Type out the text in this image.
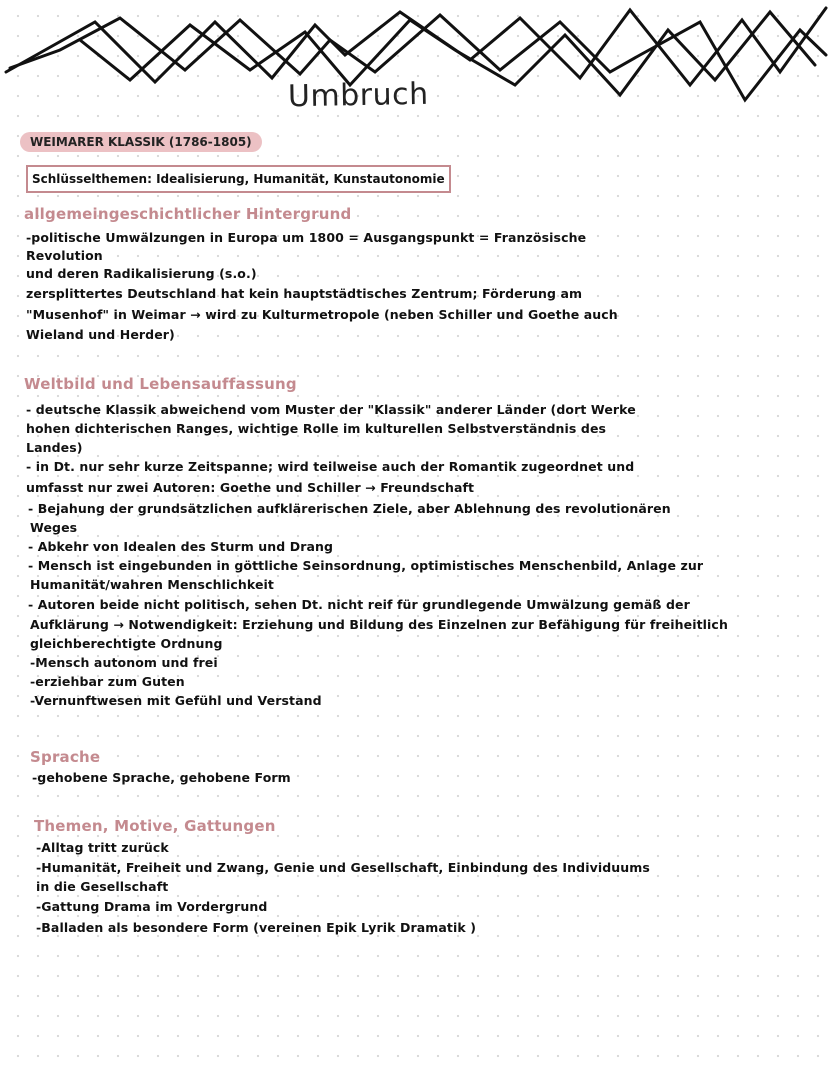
Umbruch
WEIMARER KLASSIK (1786-1805)
Schlüsselthemen: Idealisierung, Humanität, Kunstautonomie
allgemeingeschichtlicher Hintergrund
-politische Umwälzungen in Europa um 1800 = Ausgangspunkt = Französische
Revolution
und deren Radikalisierung (s.o.)
zersplittertes Deutschland hat kein hauptstädtisches Zentrum; Förderung am
"Musenhof" in Weimar → wird zu Kulturmetropole (neben Schiller und Goethe auch
Wieland und Herder)
Weltbild und Lebensauffassung
- deutsche Klassik abweichend vom Muster der "Klassik" anderer Länder (dort Werke
hohen dichterischen Ranges, wichtige Rolle im kulturellen Selbstverständnis des
Landes)
- in Dt. nur sehr kurze Zeitspanne; wird teilweise auch der Romantik zugeordnet und
umfasst nur zwei Autoren: Goethe und Schiller → Freundschaft
- Bejahung der grundsätzlichen aufklärerischen Ziele, aber Ablehnung des revolutionären
Weges
- Abkehr von Idealen des Sturm und Drang
- Mensch ist eingebunden in göttliche Seinsordnung, optimistisches Menschenbild, Anlage zur
Humanität/wahren Menschlichkeit
- Autoren beide nicht politisch, sehen Dt. nicht reif für grundlegende Umwälzung gemäß der
Aufklärung → Notwendigkeit: Erziehung und Bildung des Einzelnen zur Befähigung für freiheitlich
gleichberechtigte Ordnung
-Mensch autonom und frei
-erziehbar zum Guten
-Vernunftwesen mit Gefühl und Verstand
Sprache
-gehobene Sprache, gehobene Form
Themen, Motive, Gattungen
-Alltag tritt zurück
-Humanität, Freiheit und Zwang, Genie und Gesellschaft, Einbindung des Individuums
in die Gesellschaft
-Gattung Drama im Vordergrund
-Balladen als besondere Form (vereinen Epik Lyrik Dramatik )
